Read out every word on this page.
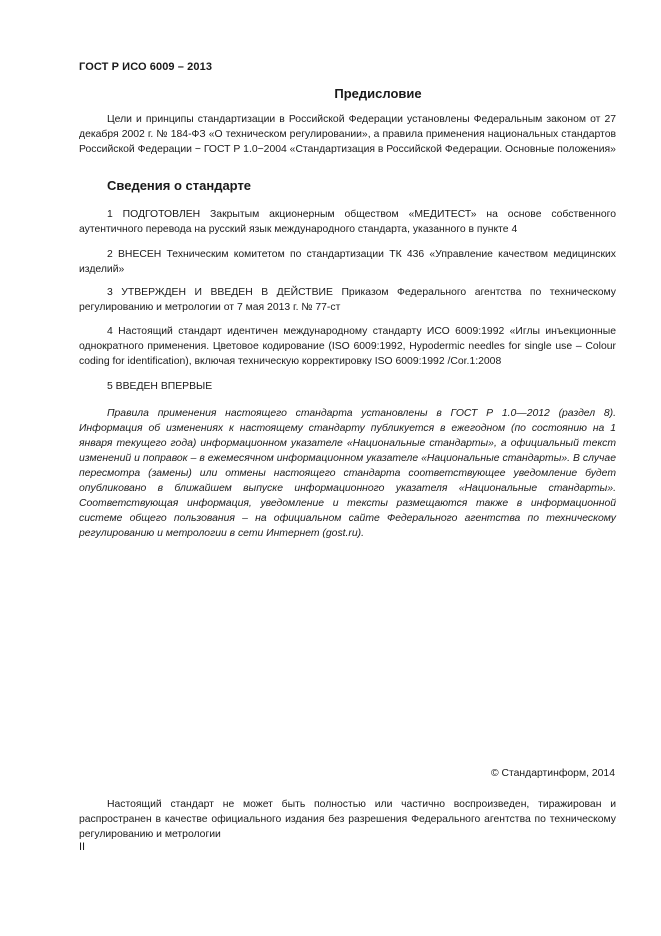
ГОСТ Р ИСО 6009 – 2013
Предисловие
Цели и принципы стандартизации в Российской Федерации установлены Федеральным законом от 27 декабря 2002 г. № 184-ФЗ «О техническом регулировании», а правила применения национальных стандартов Российской Федерации − ГОСТ Р 1.0−2004 «Стандартизация в Российской Федерации. Основные положения»
Сведения о стандарте
1 ПОДГОТОВЛЕН Закрытым акционерным обществом «МЕДИТЕСТ» на основе собственного аутентичного перевода на русский язык международного стандарта, указанного в пункте 4
2 ВНЕСЕН Техническим комитетом по стандартизации ТК 436 «Управление качеством медицинских изделий»
3 УТВЕРЖДЕН И ВВЕДЕН В ДЕЙСТВИЕ Приказом Федерального агентства по техническому регулированию и метрологии от 7 мая 2013 г. № 77-ст
4 Настоящий стандарт идентичен международному стандарту ИСО 6009:1992 «Иглы инъекционные однократного применения. Цветовое кодирование (ISO 6009:1992, Hypodermic needles for single use – Colour coding for identification), включая техническую корректировку ISO 6009:1992 /Cor.1:2008
5 ВВЕДЕН ВПЕРВЫЕ
Правила применения настоящего стандарта установлены в ГОСТ Р 1.0—2012 (раздел 8). Информация об изменениях к настоящему стандарту публикуется в ежегодном (по состоянию на 1 января текущего года) информационном указателе «Национальные стандарты», а официальный текст изменений и поправок – в ежемесячном информационном указателе «Национальные стандарты». В случае пересмотра (замены) или отмены настоящего стандарта соответствующее уведомление будет опубликовано в ближайшем выпуске информационного указателя «Национальные стандарты». Соответствующая информация, уведомление и тексты размещаются также в информационной системе общего пользования – на официальном сайте Федерального агентства по техническому регулированию и метрологии в сети Интернет (gost.ru).
© Стандартинформ, 2014
Настоящий стандарт не может быть полностью или частично воспроизведен, тиражирован и распространен в качестве официального издания без разрешения Федерального агентства по техническому регулированию и метрологии
II
